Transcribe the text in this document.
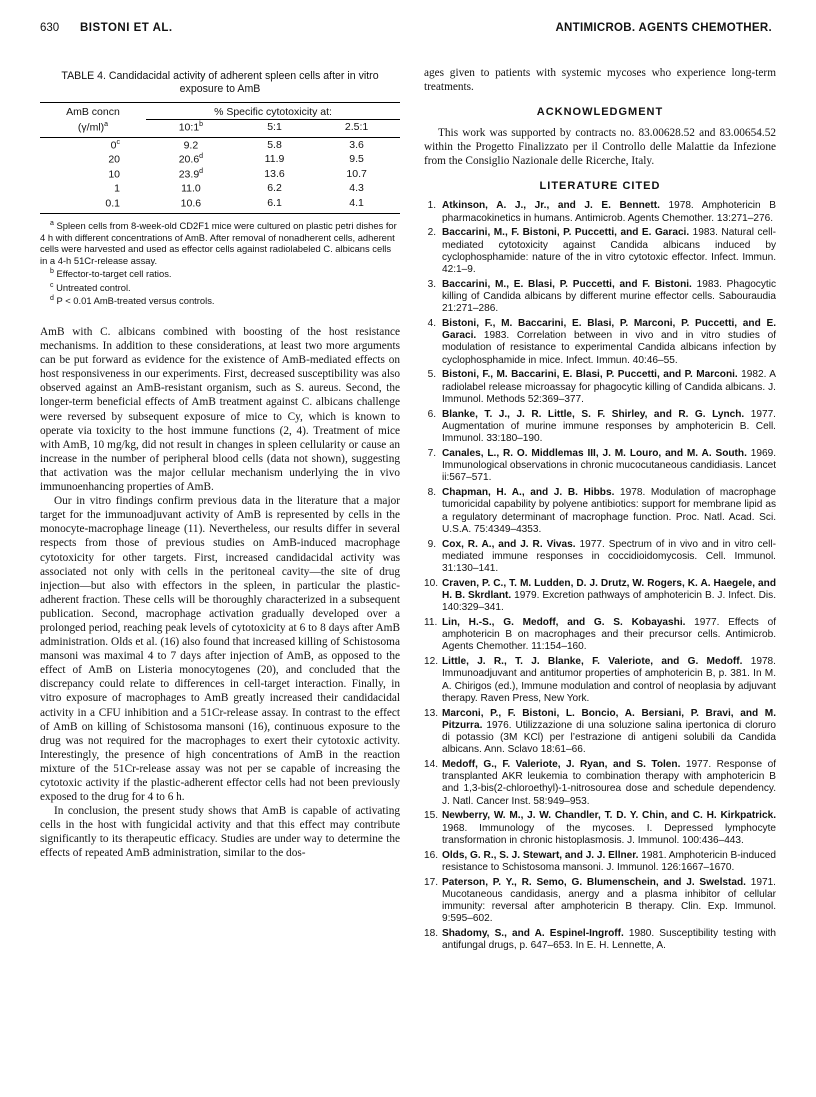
630 BISTONI ET AL.	ANTIMICROB. AGENTS CHEMOTHER.
TABLE 4. Candidacidal activity of adherent spleen cells after in vitro exposure to AmB
AmB concn	% Specific cytotoxicity at:		
$(\gamma/ml)^a$	10:1$^b$	5:1	2.5:1
0$^c$	9.2	5.8	3.6
20	20.6$^d$	11.9	9.5
10	23.9$^d$	13.6	10.7
1	11.0	6.2	4.3
0.1	10.6	6.1	4.1

$^a$ Spleen cells from 8-week-old CD2F1 mice were cultured on plastic petri dishes for 4 h with different concentrations of AmB. After removal of nonadherent cells, adherent cells were harvested and used as effector cells against radiolabeled C. albicans cells in a 4-h 51Cr-release assay.

$^b$ Effector-to-target cell ratios.

$^c$ Untreated control.

$^d$ P < 0.01 AmB-treated versus controls.

AmB with C. albicans combined with boosting of the host resistance mechanisms. In addition to these considerations, at least two more arguments can be put forward as evidence for the existence of AmB-mediated effects on host responsiveness in our experiments. First, decreased susceptibility was also observed against an AmB-resistant organism, such as S. aureus. Second, the longer-term beneficial effects of AmB treatment against C. albicans challenge were reversed by subsequent exposure of mice to Cy, which is known to operate via toxicity to the host immune functions (2, 4). Treatment of mice with AmB, 10 mg/kg, did not result in changes in spleen cellularity or cause an increase in the number of peripheral blood cells (data not shown), suggesting that activation was the major cellular mechanism underlying the in vivo immunoenhancing properties of AmB.

Our in vitro findings confirm previous data in the literature that a major target for the immunoadjuvant activity of AmB is represented by cells in the monocyte-macrophage lineage (11). Nevertheless, our results differ in several respects from those of previous studies on AmB-induced macrophage cytotoxicity for other targets. First, increased candidacidal activity was associated not only with cells in the peritoneal cavity—the site of drug injection—but also with effectors in the spleen, in particular the plastic-adherent fraction. These cells will be thoroughly characterized in a subsequent publication. Second, macrophage activation gradually developed over a prolonged period, reaching peak levels of cytotoxicity at 6 to 8 days after AmB administration. Olds et al. (16) also found that increased killing of Schistosoma mansoni was maximal 4 to 7 days after injection of AmB, as opposed to the effect of AmB on Listeria monocytogenes (20), and concluded that the discrepancy could relate to differences in cell-target interaction. Finally, in vitro exposure of macrophages to AmB greatly increased their candidacidal activity in a CFU inhibition and a 51Cr-release assay. In contrast to the effect of AmB on killing of Schistosoma mansoni (16), continuous exposure to the drug was not required for the macrophages to exert their cytotoxic activity. Interestingly, the presence of high concentrations of AmB in the reaction mixture of the 51Cr-release assay was not per se capable of increasing the cytotoxic activity if the plastic-adherent effector cells had not been previously exposed to the drug for 4 to 6 h.

In conclusion, the present study shows that AmB is capable of activating cells in the host with fungicidal activity and that this effect may contribute significantly to its therapeutic efficacy. Studies are under way to determine the effects of repeated AmB administration, similar to the dos-

ages given to patients with systemic mycoses who experience long-term treatments.

ACKNOWLEDGMENT

This work was supported by contracts no. 83.00628.52 and 83.00654.52 within the Progetto Finalizzato per il Controllo delle Malattie da Infezione from the Consiglio Nazionale delle Ricerche, Italy.

LITERATURE CITED
1. Atkinson, A. J., Jr., and J. E. Bennett. 1978. Amphotericin B pharmacokinetics in humans. Antimicrob. Agents Chemother. 13:271–276.
2. Baccarini, M., F. Bistoni, P. Puccetti, and E. Garaci. 1983. Natural cell-mediated cytotoxicity against Candida albicans induced by cyclophosphamide: nature of the in vitro cytotoxic effector. Infect. Immun. 42:1–9.
3. Baccarini, M., E. Blasi, P. Puccetti, and F. Bistoni. 1983. Phagocytic killing of Candida albicans by different murine effector cells. Sabouraudia 21:271–286.
4. Bistoni, F., M. Baccarini, E. Blasi, P. Marconi, P. Puccetti, and E. Garaci. 1983. Correlation between in vivo and in vitro studies of modulation of resistance to experimental Candida albicans infection by cyclophosphamide in mice. Infect. Immun. 40:46–55.
5. Bistoni, F., M. Baccarini, E. Blasi, P. Puccetti, and P. Marconi. 1982. A radiolabel release microassay for phagocytic killing of Candida albicans. J. Immunol. Methods 52:369–377.
6. Blanke, T. J., J. R. Little, S. F. Shirley, and R. G. Lynch. 1977. Augmentation of murine immune responses by amphotericin B. Cell. Immunol. 33:180–190.
7. Canales, L., R. O. Middlemas III, J. M. Louro, and M. A. South. 1969. Immunological observations in chronic mucocutaneous candidiasis. Lancet ii:567–571.
8. Chapman, H. A., and J. B. Hibbs. 1978. Modulation of macrophage tumoricidal capability by polyene antibiotics: support for membrane lipid as a regulatory determinant of macrophage function. Proc. Natl. Acad. Sci. U.S.A. 75:4349–4353.
9. Cox, R. A., and J. R. Vivas. 1977. Spectrum of in vivo and in vitro cell-mediated immune responses in coccidioidomycosis. Cell. Immunol. 31:130–141.
10. Craven, P. C., T. M. Ludden, D. J. Drutz, W. Rogers, K. A. Haegele, and H. B. Skrdlant. 1979. Excretion pathways of amphotericin B. J. Infect. Dis. 140:329–341.
11. Lin, H.-S., G. Medoff, and G. S. Kobayashi. 1977. Effects of amphotericin B on macrophages and their precursor cells. Antimicrob. Agents Chemother. 11:154–160.
12. Little, J. R., T. J. Blanke, F. Valeriote, and G. Medoff. 1978. Immunoadjuvant and antitumor properties of amphotericin B, p. 381. In M. A. Chirigos (ed.), Immune modulation and control of neoplasia by adjuvant therapy. Raven Press, New York.
13. Marconi, P., F. Bistoni, L. Boncio, A. Bersiani, P. Bravi, and M. Pitzurra. 1976. Utilizzazione di una soluzione salina ipertonica di cloruro di potassio (3M KCl) per l’estrazione di antigeni solubili da Candida albicans. Ann. Sclavo 18:61–66.
14. Medoff, G., F. Valeriote, J. Ryan, and S. Tolen. 1977. Response of transplanted AKR leukemia to combination therapy with amphotericin B and 1,3-bis(2-chloroethyl)-1-nitrosourea dose and schedule dependency. J. Natl. Cancer Inst. 58:949–953.
15. Newberry, W. M., J. W. Chandler, T. D. Y. Chin, and C. H. Kirkpatrick. 1968. Immunology of the mycoses. I. Depressed lymphocyte transformation in chronic histoplasmosis. J. Immunol. 100:436–443.
16. Olds, G. R., S. J. Stewart, and J. J. Ellner. 1981. Amphotericin B-induced resistance to Schistosoma mansoni. J. Immunol. 126:1667–1670.
17. Paterson, P. Y., R. Semo, G. Blumenschein, and J. Swelstad. 1971. Mucotaneous candidasis, anergy and a plasma inhibitor of cellular immunity: reversal after amphotericin B therapy. Clin. Exp. Immunol. 9:595–602.
18. Shadomy, S., and A. Espinel-Ingroff. 1980. Susceptibility testing with antifungal drugs, p. 647–653. In E. H. Lennette, A.
